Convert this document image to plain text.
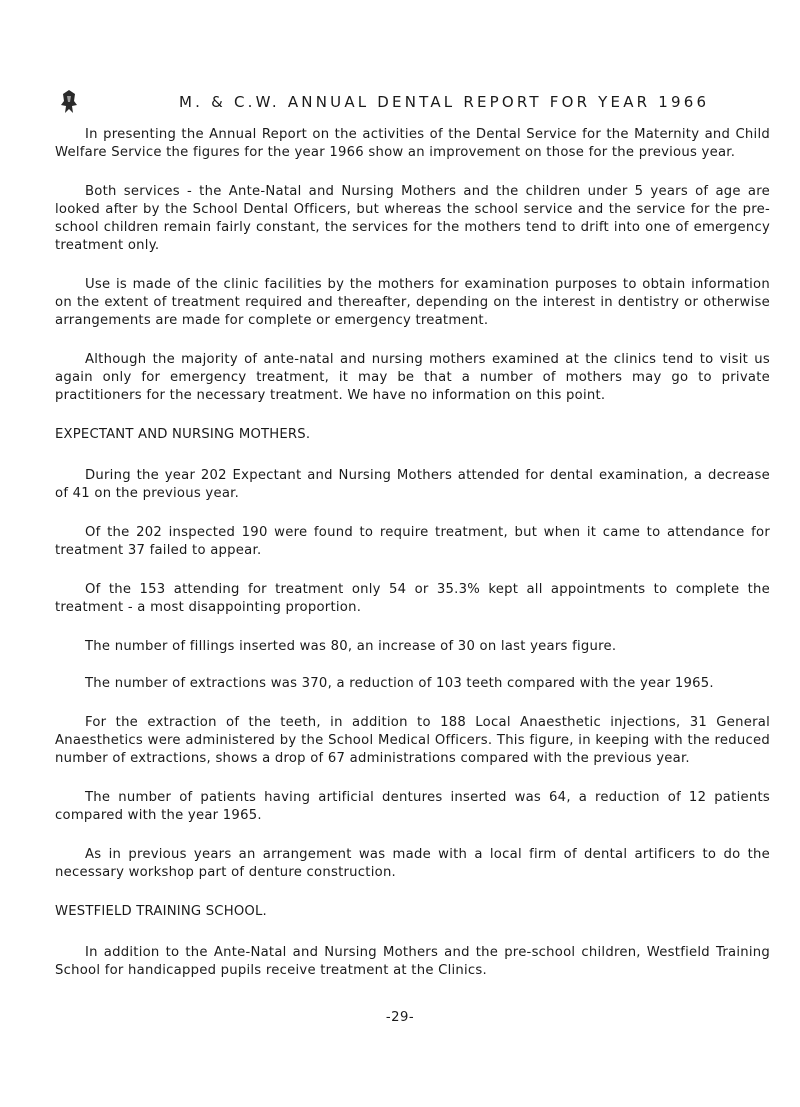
M. & C.W. ANNUAL DENTAL REPORT FOR YEAR 1966

In presenting the Annual Report on the activities of the Dental Service for the Maternity and Child Welfare Service the figures for the year 1966 show an improvement on those for the previous year.

Both services - the Ante-Natal and Nursing Mothers and the children under 5 years of age are looked after by the School Dental Officers, but whereas the school service and the service for the pre-school children remain fairly constant, the services for the mothers tend to drift into one of emergency treatment only.

Use is made of the clinic facilities by the mothers for examination purposes to obtain information on the extent of treatment required and thereafter, depending on the interest in dentistry or otherwise arrangements are made for complete or emergency treatment.

Although the majority of ante-natal and nursing mothers examined at the clinics tend to visit us again only for emergency treatment, it may be that a number of mothers may go to private practitioners for the necessary treatment. We have no information on this point.

EXPECTANT AND NURSING MOTHERS.

During the year 202 Expectant and Nursing Mothers attended for dental examination, a decrease of 41 on the previous year.

Of the 202 inspected 190 were found to require treatment, but when it came to attendance for treatment 37 failed to appear.

Of the 153 attending for treatment only 54 or 35.3% kept all appointments to complete the treatment - a most disappointing proportion.

The number of fillings inserted was 80, an increase of 30 on last years figure.

The number of extractions was 370, a reduction of 103 teeth compared with the year 1965.

For the extraction of the teeth, in addition to 188 Local Anaesthetic injections, 31 General Anaesthetics were administered by the School Medical Officers. This figure, in keeping with the reduced number of extractions, shows a drop of 67 administrations compared with the previous year.

The number of patients having artificial dentures inserted was 64, a reduction of 12 patients compared with the year 1965.

As in previous years an arrangement was made with a local firm of dental artificers to do the necessary workshop part of denture construction.

WESTFIELD TRAINING SCHOOL.

In addition to the Ante-Natal and Nursing Mothers and the pre-school children, Westfield Training School for handicapped pupils receive treatment at the Clinics.

-29-
